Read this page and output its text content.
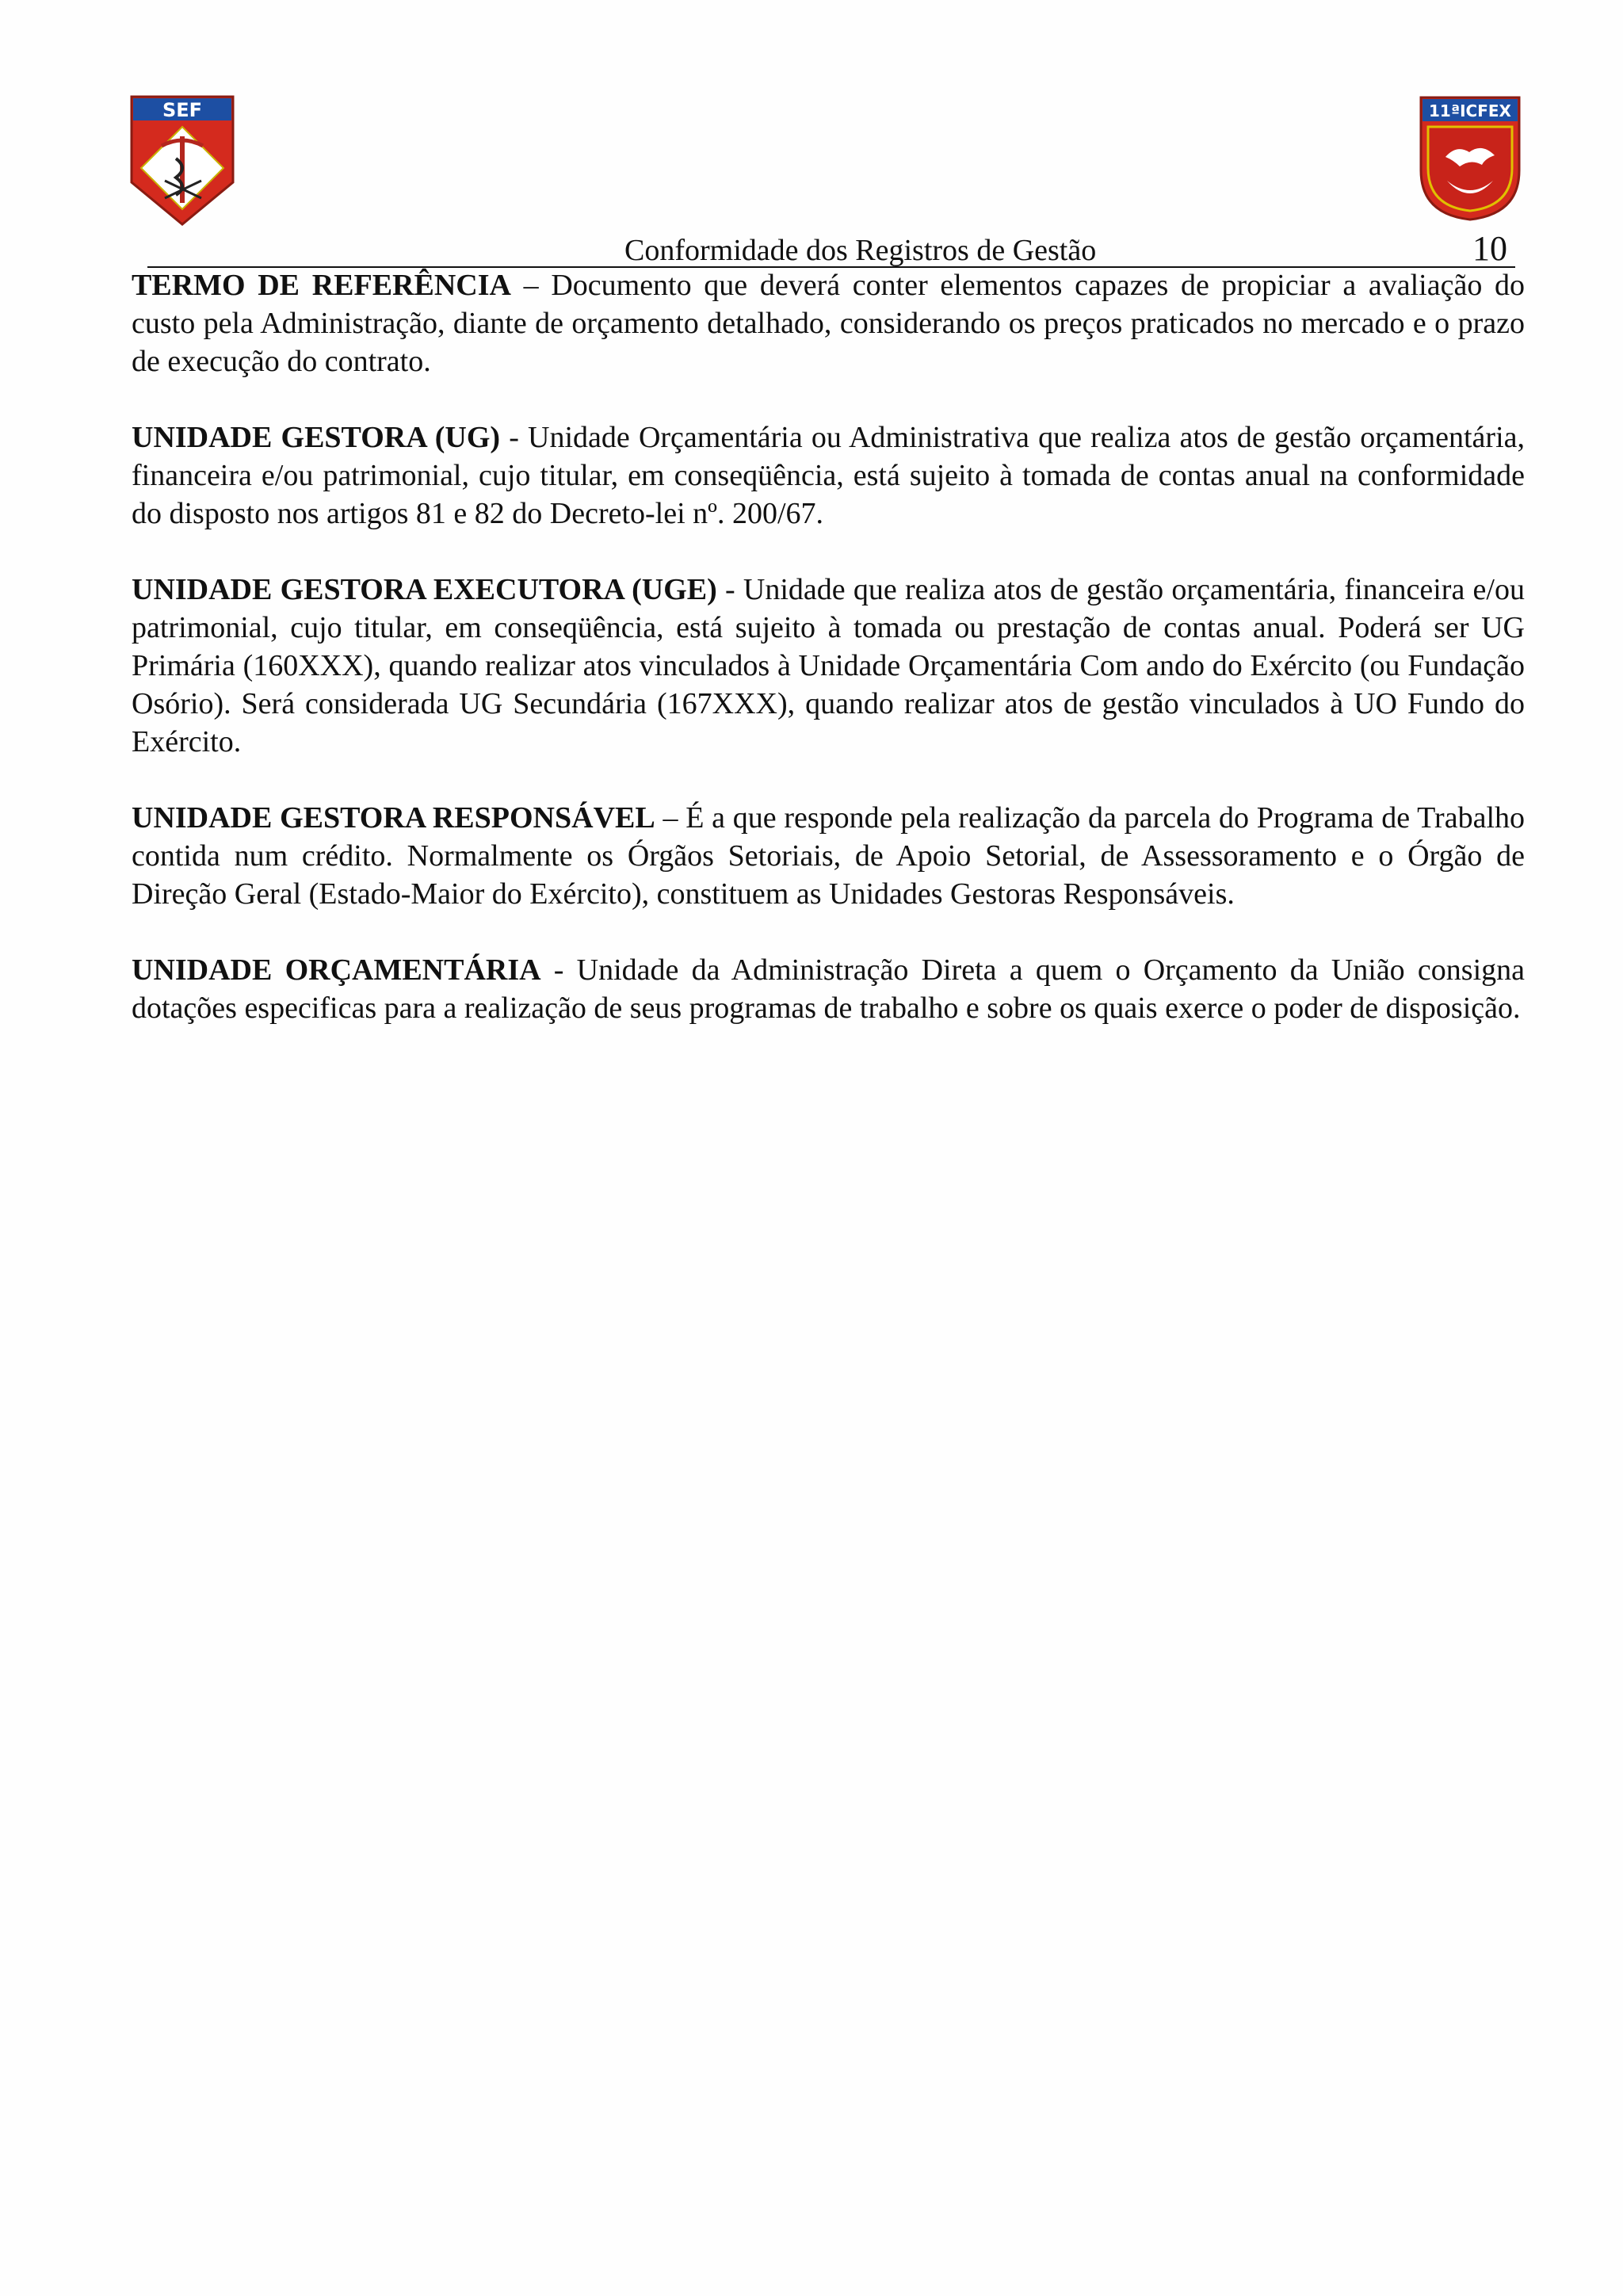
SEF	11ªICFEX
Conformidade dos Registros de Gestão	10

TERMO DE REFERÊNCIA – Documento que deverá conter elementos capazes de propiciar a avaliação do custo pela Administração, diante de orçamento detalhado, considerando os preços praticados no mercado e o prazo de execução do contrato.

UNIDADE GESTORA (UG) - Unidade Orçamentária ou Administrativa que realiza atos de gestão orçamentária, financeira e/ou patrimonial, cujo titular, em conseqüência, está sujeito à tomada de contas anual na conformidade do disposto nos artigos 81 e 82 do Decreto-lei nº. 200/67.

UNIDADE GESTORA EXECUTORA (UGE) - Unidade que realiza atos de gestão orçamentária, financeira e/ou patrimonial, cujo titular, em conseqüência, está sujeito à tomada ou prestação de contas anual. Poderá ser UG Primária (160XXX), quando realizar atos vinculados à Unidade Orçamentária Com ando do Exército (ou Fundação Osório). Será considerada UG Secundária (167XXX), quando realizar atos de gestão vinculados à UO Fundo do Exército.

UNIDADE GESTORA RESPONSÁVEL – É a que responde pela realização da parcela do Programa de Trabalho contida num crédito. Normalmente os Órgãos Setoriais, de Apoio Setorial, de Assessoramento e o Órgão de Direção Geral (Estado-Maior do Exército), constituem as Unidades Gestoras Responsáveis.

UNIDADE ORÇAMENTÁRIA - Unidade da Administração Direta a quem o Orçamento da União consigna dotações especificas para a realização de seus programas de trabalho e sobre os quais exerce o poder de disposição.
